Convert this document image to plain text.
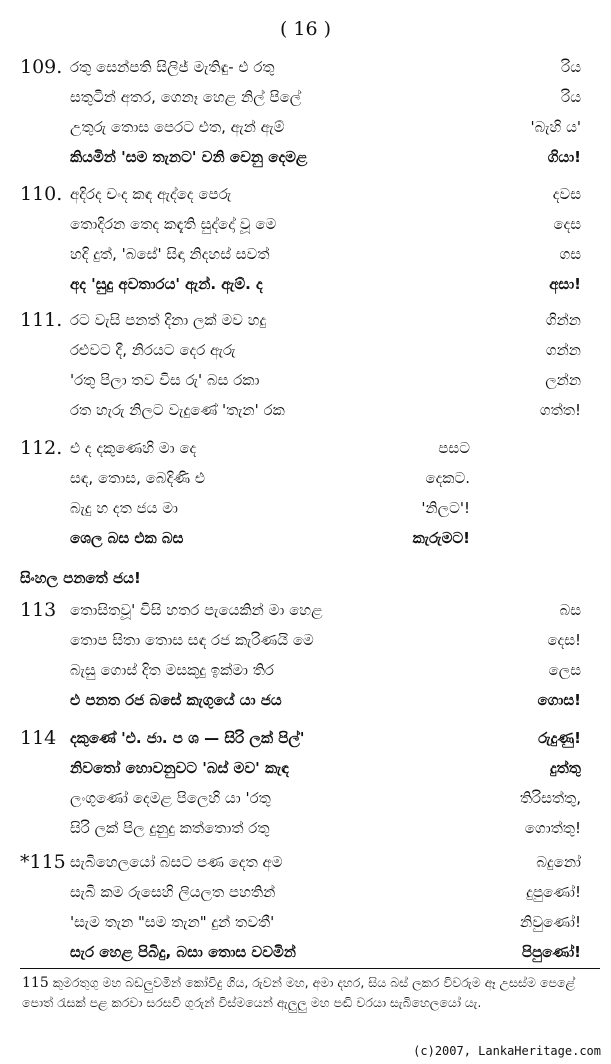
( 16 )
109. රතු සෙන්පති සිලිජ් මැතිඳු- එ රතු	රිය
සතුටින් අතර, ගෙනෑ හෙළ නිල් පිලේ	රිය
උතුරු තොස පෙරට එත, ඇන් ඇම්	'බැහි ය'
කියමින් 'සම තැනට' වනි වෙනු දෙමළ	ගියා!
110. අදිරද චංද කඳ ඇද්දෙ පෙරු	දවස
තොදිරන තෙද කඳැති සුද්දෝ වූ මෙ	දෙස
හදි දුත්, 'බසේ' සිඳා නිදහස් සවත්	ගස
අද 'සුදු අවතාරය' ඇන්. ඇම්. ද	අසා!
111. රට වැසි පනත් දිනා ලක් මව හදු	ගින්න
රළුවට දී, නිරයට දෙර ඇරු	ගන්න
'රතු පිලා තව විස රු' බස රකා	ලන්න
රත හැරු නිලට වැදුණේ 'තැන' රක	ගත්ත!
112. එ ද දකුණෙහි මා දෙ	පසට
සඳ, තොස, බෙදිණි එ	දෙකට.
බැදු හ දත ජය මා	'නිලට'!
ශෙල බස එක බස	කැරුමට!
113 තොසිතවූ' විසි හතර පැයෙකින් මා හෙළ	බස
තොප සිතා තොස සඳ රජ කැරිණයි මෙ	දෙස!
බැසු ගොස් දිත මසකුදු ඉක්මා තිර	ලෙස
එ පනත රජ බසේ කැගුයේ යා ජය	ගොස!
114 දකුණේ 'එ. ජා. ප ශ — සිරි ලක් පිල්'	රුදුණු!
නිවතෝ හොවනුවට 'බස් මව' කැඳ	දුත්තු
ලංගුණෝ දෙමළ පිලෙහි යා 'රතු	තිරිසත්තු,
සිරි ලක් පිල දුනුදු කත්තොත් රතු	ගොත්තු!
*115 සැබිහෙලයෝ බසට පණ දෙත අම	බදුනෝ
සැබි කම රුසෙහි ලියලත පහතින්	දුපුණෝ!
'සැම තැන "සම තැන" දුන් තවතී'	නිවුණෝ!
සැර හෙළ පිබිදු, බසා තොස වවමින්	පිපුණෝ!
සිංහල පනතේ ජය!
115 කුමරතුගු මහ බඩලුවමින් කෝවිදු ගිය, රුවන් මහ, අමා දහර, සිය බස් ලකර විවරුම ඈ උසස්ම පෙළේ පොත් රැසක් පළ කරවා සරසවි ගුරුන් විස්මයෙන් ඇලුලු මහ පඬි වරයා සැබිහෙලයෝ යැ.
(c)2007, LankaHeritage.com
